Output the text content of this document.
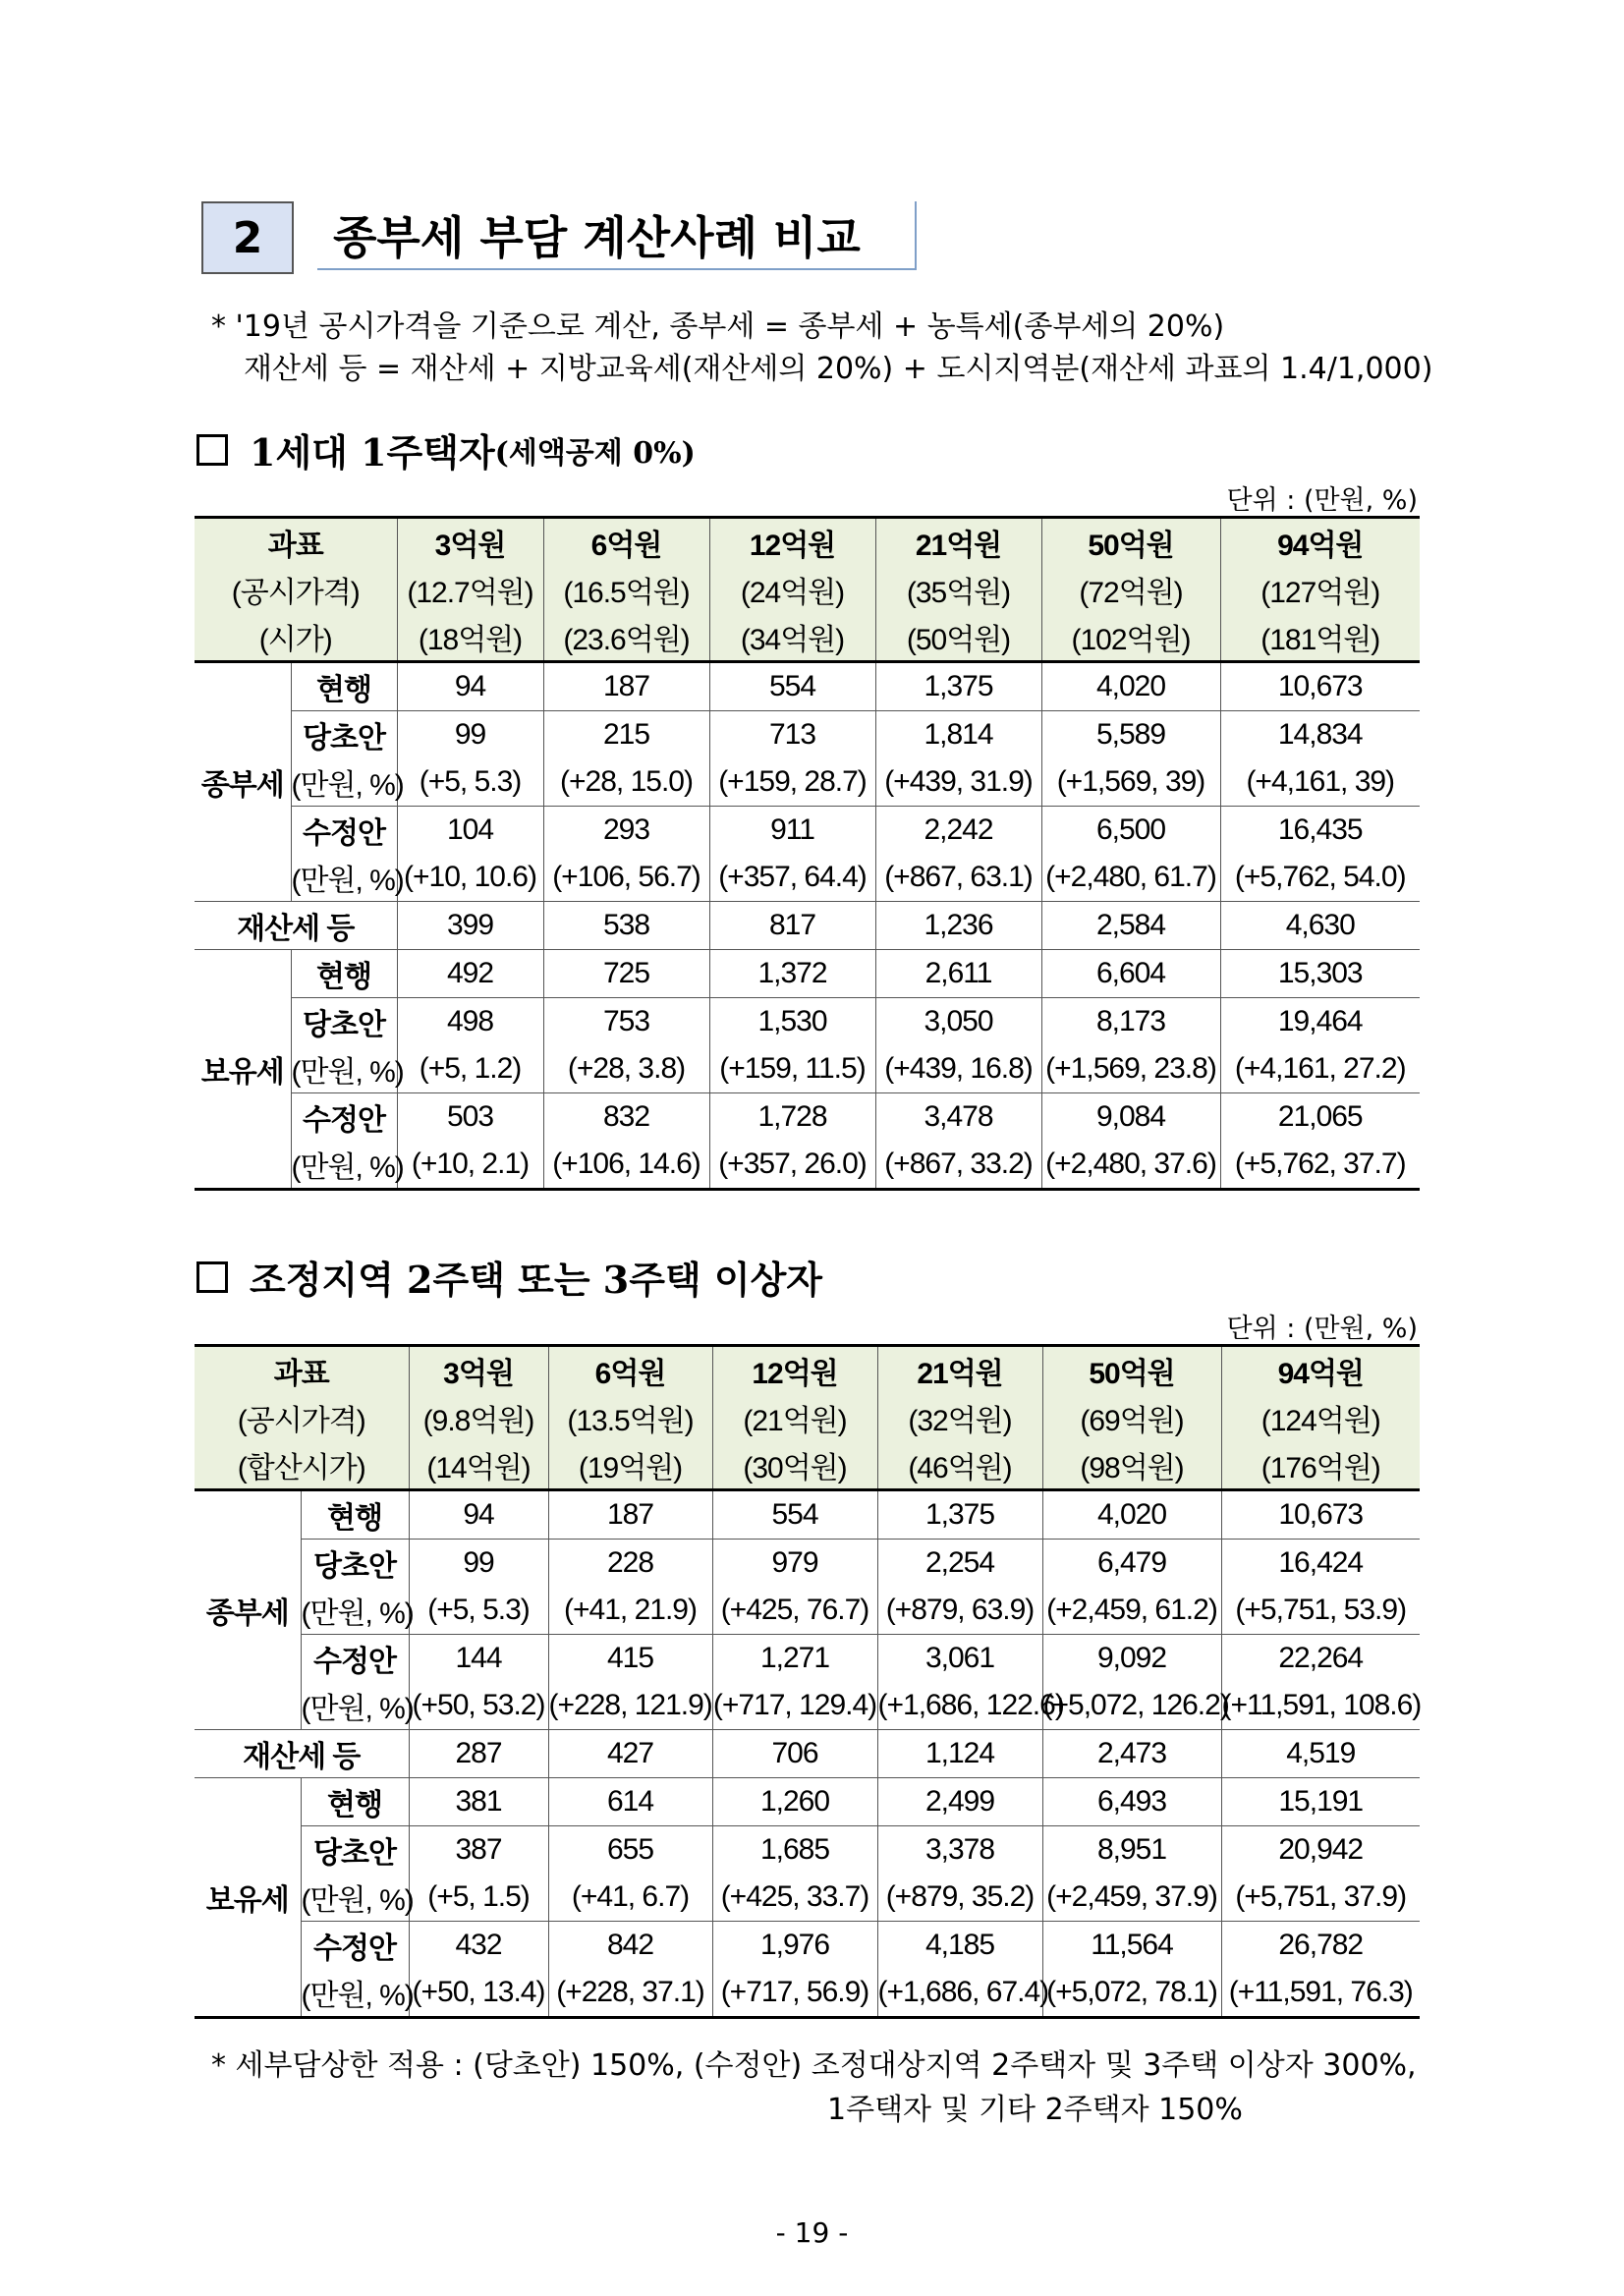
2	종부세 부담 계산사례 비교
* '19년 공시가격을 기준으로 계산, 종부세 = 종부세 + 농특세(종부세의 20%)
재산세 등 = 재산세 + 지방교육세(재산세의 20%) + 도시지역분(재산세 과표의 1.4/1,000)
1세대 1주택자 (세액공제 0%)
단위 : (만원, %)
과표		3억원	6억원	12억원	21억원	50억원	94억원
(공시가격)		(12.7억원)	(16.5억원)	(24억원)	(35억원)	(72억원)	(127억원)
(시가)		(18억원)	(23.6억원)	(34억원)	(50억원)	(102억원)	(181억원)
종부세	현행	94	187	554	1,375	4,020	10,673
	당초안	99	215	713	1,814	5,589	14,834
	(만원, %)	(+5, 5.3)	(+28, 15.0)	(+159, 28.7)	(+439, 31.9)	(+1,569, 39)	(+4,161, 39)
	수정안	104	293	911	2,242	6,500	16,435
	(만원, %)	(+10, 10.6)	(+106, 56.7)	(+357, 64.4)	(+867, 63.1)	(+2,480, 61.7)	(+5,762, 54.0)
재산세 등		399	538	817	1,236	2,584	4,630
보유세	현행	492	725	1,372	2,611	6,604	15,303
	당초안	498	753	1,530	3,050	8,173	19,464
	(만원, %)	(+5, 1.2)	(+28, 3.8)	(+159, 11.5)	(+439, 16.8)	(+1,569, 23.8)	(+4,161, 27.2)
	수정안	503	832	1,728	3,478	9,084	21,065
	(만원, %)	(+10, 2.1)	(+106, 14.6)	(+357, 26.0)	(+867, 33.2)	(+2,480, 37.6)	(+5,762, 37.7)
조정지역 2주택 또는 3주택 이상자
단위 : (만원, %)
과표		3억원	6억원	12억원	21억원	50억원	94억원
(공시가격)		(9.8억원)	(13.5억원)	(21억원)	(32억원)	(69억원)	(124억원)
(합산시가)		(14억원)	(19억원)	(30억원)	(46억원)	(98억원)	(176억원)
종부세	현행	94	187	554	1,375	4,020	10,673
	당초안	99	228	979	2,254	6,479	16,424
	(만원, %)	(+5, 5.3)	(+41, 21.9)	(+425, 76.7)	(+879, 63.9)	(+2,459, 61.2)	(+5,751, 53.9)
	수정안	144	415	1,271	3,061	9,092	22,264
	(만원, %)	(+50, 53.2)	(+228, 121.9)	(+717, 129.4)	(+1,686, 122.6)	(+5,072, 126.2)	(+11,591, 108.6)
재산세 등		287	427	706	1,124	2,473	4,519
보유세	현행	381	614	1,260	2,499	6,493	15,191
	당초안	387	655	1,685	3,378	8,951	20,942
	(만원, %)	(+5, 1.5)	(+41, 6.7)	(+425, 33.7)	(+879, 35.2)	(+2,459, 37.9)	(+5,751, 37.9)
	수정안	432	842	1,976	4,185	11,564	26,782
	(만원, %)	(+50, 13.4)	(+228, 37.1)	(+717, 56.9)	(+1,686, 67.4)	(+5,072, 78.1)	(+11,591, 76.3)
* 세부담상한 적용 : (당초안) 150%, (수정안) 조정대상지역 2주택자 및 3주택 이상자 300%,
1주택자 및 기타 2주택자 150%
- 19 -
